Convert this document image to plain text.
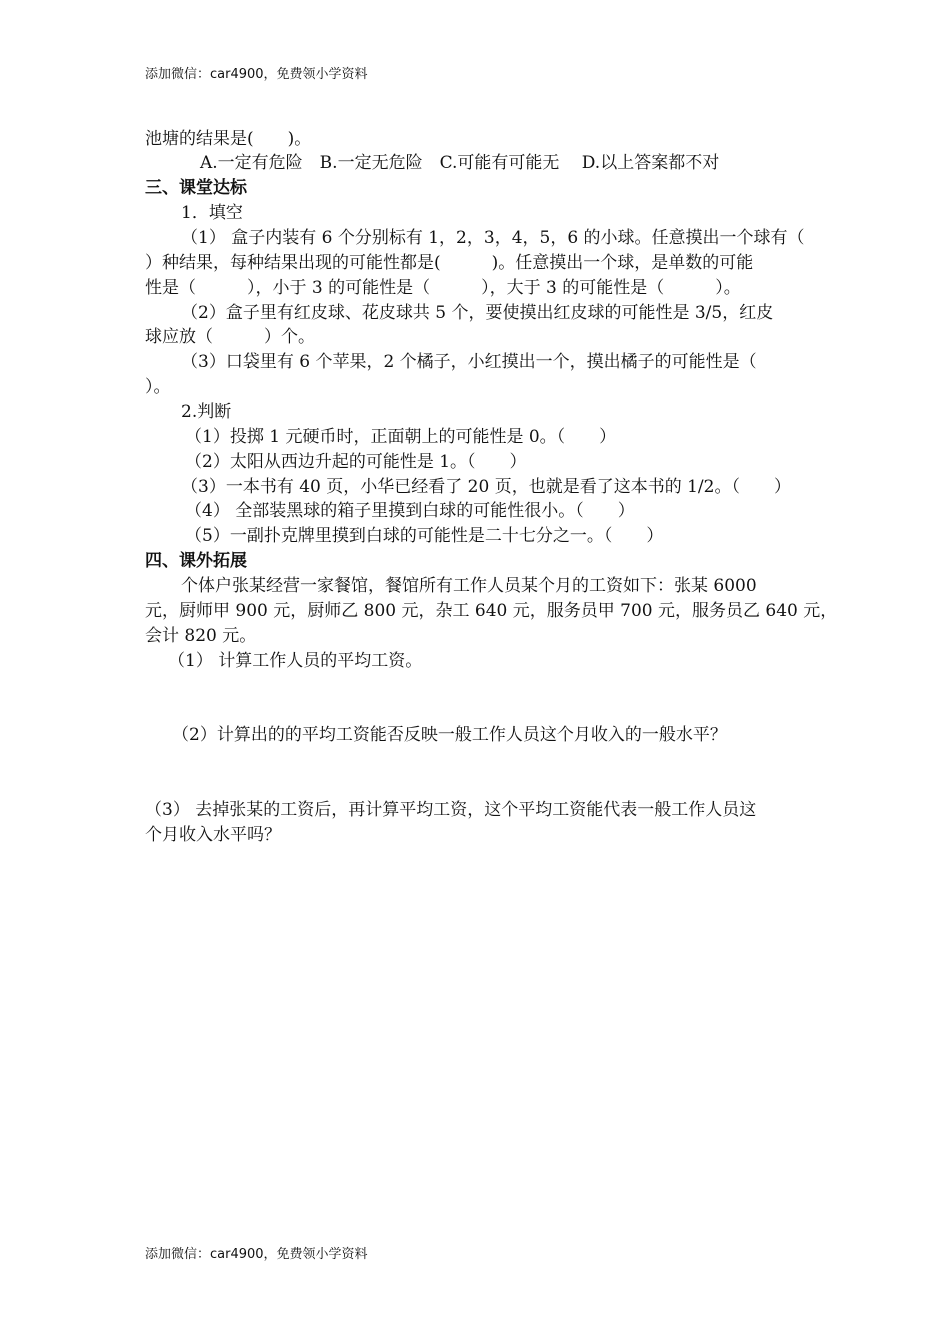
添加微信：car4900，免费领小学资料
池塘的结果是(　　)。
A.一定有危险　B.一定无危险　C.可能有可能无　 D.以上答案都不对
三、课堂达标
1．填空
（1） 盒子内装有 6 个分别标有 1，2，3，4，5，6 的小球。任意摸出一个球有（
）种结果，每种结果出现的可能性都是(　　　)。任意摸出一个球，是单数的可能
性是（　　　），小于 3 的可能性是（　　　），大于 3 的可能性是（　　　）。
（2）盒子里有红皮球、花皮球共 5 个，要使摸出红皮球的可能性是 3/5，红皮
球应放（　　　）个。
（3）口袋里有 6 个苹果，2 个橘子，小红摸出一个，摸出橘子的可能性是（
）。
2.判断
（1）投掷 1 元硬币时，正面朝上的可能性是 0。（　　）
（2）太阳从西边升起的可能性是 1。（　　）
（3）一本书有 40 页，小华已经看了 20 页，也就是看了这本书的 1/2。（　　）
（4） 全部装黑球的箱子里摸到白球的可能性很小。（　　）
（5）一副扑克牌里摸到白球的可能性是二十七分之一。（　　）
四、课外拓展
个体户张某经营一家餐馆，餐馆所有工作人员某个月的工资如下：张某 6000
元，厨师甲 900 元，厨师乙 800 元，杂工 640 元，服务员甲 700 元，服务员乙 640 元，
会计 820 元。
（1） 计算工作人员的平均工资。
（2）计算出的的平均工资能否反映一般工作人员这个月收入的一般水平？
（3） 去掉张某的工资后，再计算平均工资，这个平均工资能代表一般工作人员这
个月收入水平吗？
添加微信：car4900，免费领小学资料
